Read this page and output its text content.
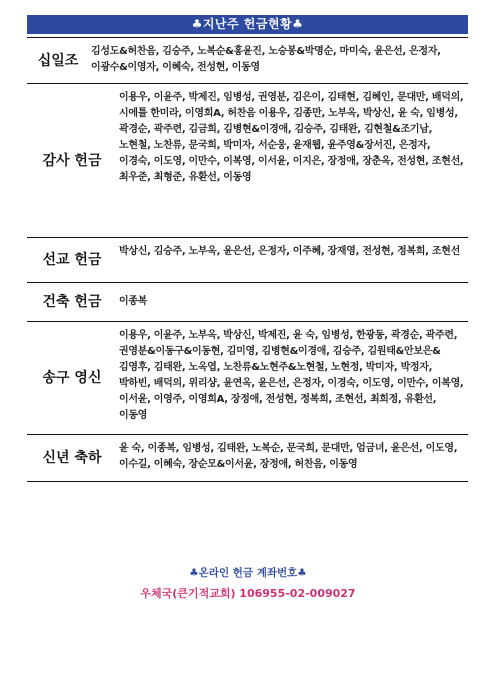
♣지난주 헌금현황♣
십일조
김성도&허찬음, 김승주, 노복순&홍윤진, 노승봉&박명순, 마미숙, 윤은선, 은정자, 이광수&이영자, 이혜숙, 전성현, 이동영
감사 헌금
이용우, 이윤주, 박제진, 임병성, 권영분, 김은이, 김태현, 김혜인, 문대만, 배덕의, 시에틀 한미라, 이영희A, 허찬음 이용우, 김종만, 노부옥, 박상신, 윤 숙, 임병성, 곽경순, 곽주련, 김금희, 김병현&이경애, 김승주, 김태완, 김현철&조기남, 노현철, 노찬류, 문국희, 박미자, 서순웅, 윤재웹, 윤주영&장서진, 은정자, 이경숙, 이도영, 이만수, 이복영, 이서윤, 이지은, 장정애, 장춘옥, 전성현, 조현선, 최우준, 최형준, 유환선, 이동영
선교 헌금
박상신, 김승주, 노부옥, 윤은선, 은정자, 이주혜, 장재영, 전성현, 정복희, 조현선
건축 헌금	이종복
송구 영신
이용우, 이윤주, 노부옥, 박상신, 박제진, 윤 숙, 임병성, 한광동, 곽경순, 곽주련, 권영분&이동구&이동현, 김미영, 김병현&이경애, 김승주, 김원태&안보은&김영후, 김태완, 노옥엽, 노찬류&노현주&노현철, 노현정, 박미자, 박정자, 박하빈, 배덕의, 위리샹, 윤연옥, 윤은선, 은정자, 이경숙, 이도영, 이만수, 이복영, 이서윤, 이영주, 이영희A, 장정애, 전성현, 정복희, 조현선, 최희정, 유환선, 이동영
신년 축하
윤 숙, 이종복, 임병성, 김태완, 노복순, 문국희, 문대만, 엄금녀, 윤은선, 이도영, 이수길, 이혜숙, 장순모&이서윤, 장정애, 허찬음, 이동영
♣온라인 헌금 계좌번호♣
우체국(큰기적교회) 106955-02-009027
